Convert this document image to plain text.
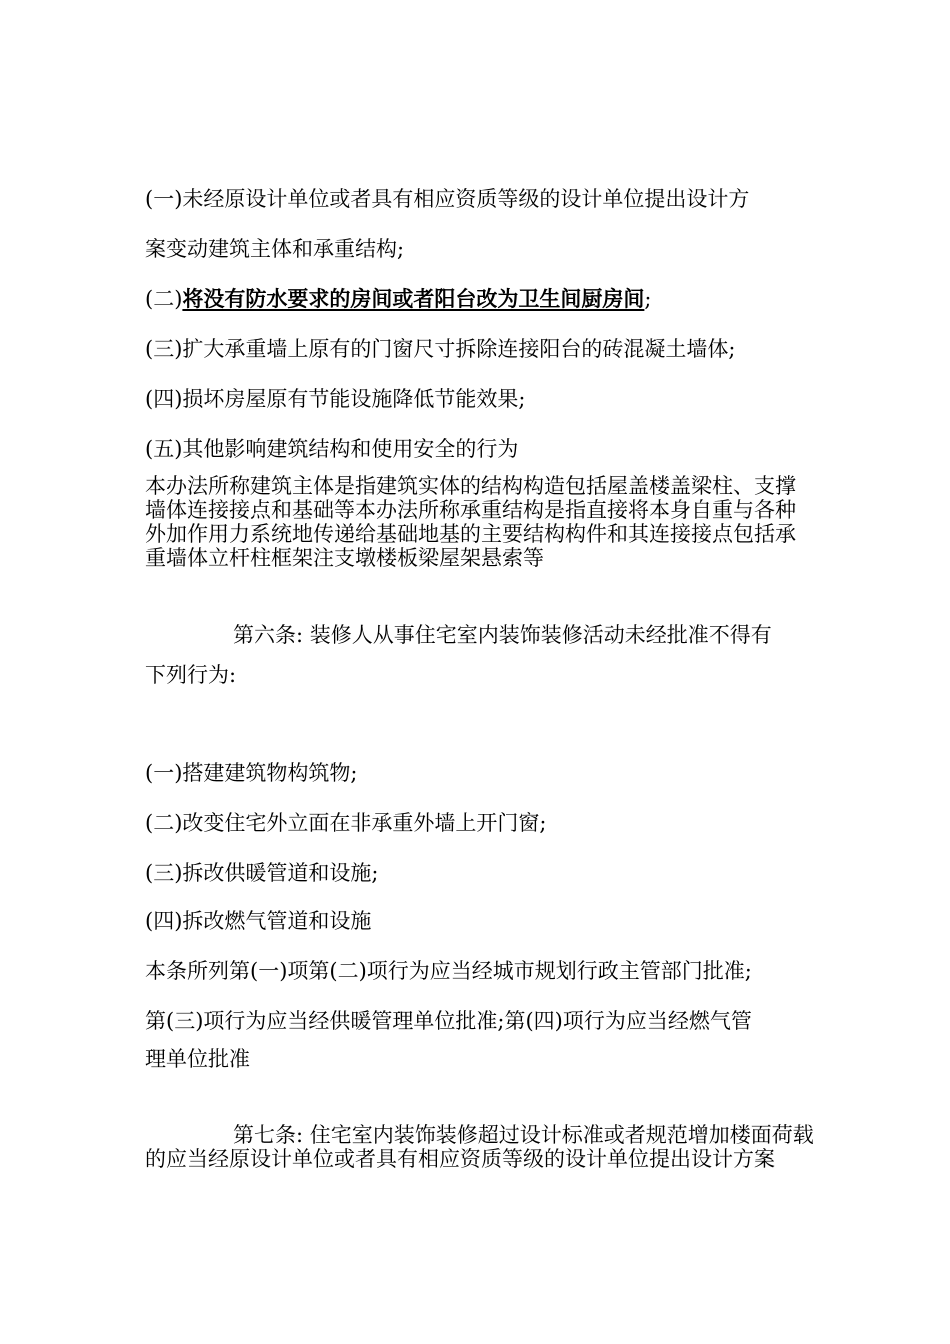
(一)未经原设计单位或者具有相应资质等级的设计单位提出设计方

案变动建筑主体和承重结构;

(二)将没有防水要求的房间或者阳台改为卫生间厨房间;

(三)扩大承重墙上原有的门窗尺寸拆除连接阳台的砖混凝土墙体;

(四)损坏房屋原有节能设施降低节能效果;

(五)其他影响建筑结构和使用安全的行为

本办法所称建筑主体是指建筑实体的结构构造包括屋盖楼盖梁柱、支撑墙体连接接点和基础等本办法所称承重结构是指直接将本身自重与各种外加作用力系统地传递给基础地基的主要结构构件和其连接接点包括承重墙体立杆柱框架注支墩楼板梁屋架悬索等

第六条: 装修人从事住宅室内装饰装修活动未经批准不得有

下列行为:

(一)搭建建筑物构筑物;

(二)改变住宅外立面在非承重外墙上开门窗;

(三)拆改供暖管道和设施;

(四)拆改燃气管道和设施

本条所列第(一)项第(二)项行为应当经城市规划行政主管部门批准;

第(三)项行为应当经供暖管理单位批准;第(四)项行为应当经燃气管

理单位批准

第七条: 住宅室内装饰装修超过设计标准或者规范增加楼面荷载的应当经原设计单位或者具有相应资质等级的设计单位提出设计方案
